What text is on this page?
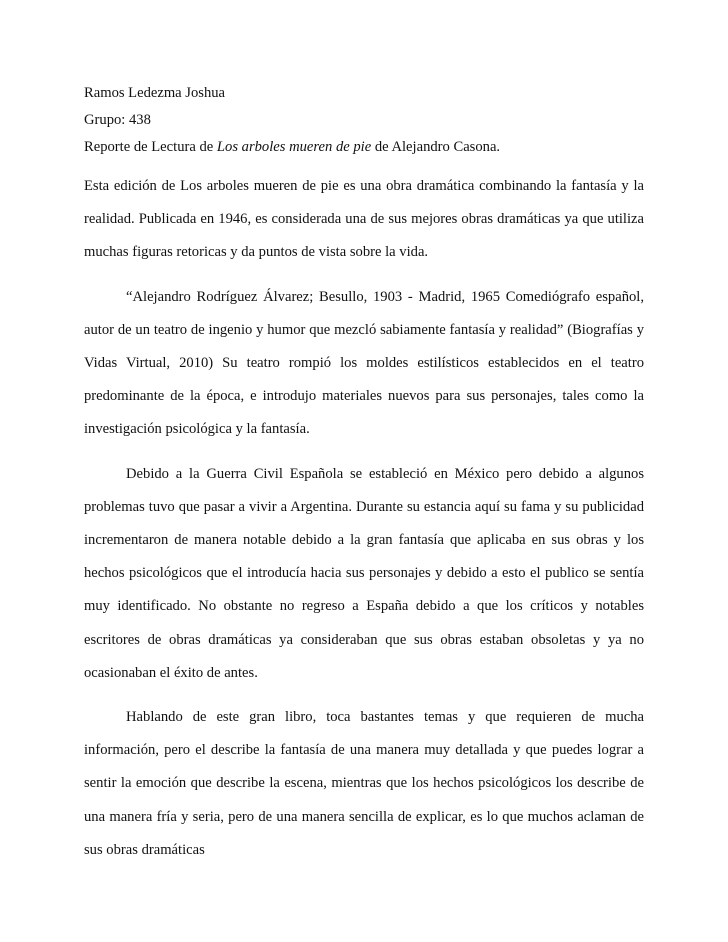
Ramos Ledezma Joshua

Grupo: 438

Reporte de Lectura de Los arboles mueren de pie de Alejandro Casona.

Esta edición de Los arboles mueren de pie es una obra dramática combinando la fantasía y la realidad. Publicada en 1946, es considerada una de sus mejores obras dramáticas ya que utiliza muchas figuras retoricas y da puntos de vista sobre la vida.

“Alejandro Rodríguez Álvarez; Besullo, 1903 - Madrid, 1965 Comediógrafo español, autor de un teatro de ingenio y humor que mezcló sabiamente fantasía y realidad” (Biografías y Vidas Virtual, 2010) Su teatro rompió los moldes estilísticos establecidos en el teatro predominante de la época, e introdujo materiales nuevos para sus personajes, tales como la investigación psicológica y la fantasía.

Debido a la Guerra Civil Española se estableció en México pero debido a algunos problemas tuvo que pasar a vivir a Argentina. Durante su estancia aquí su fama y su publicidad incrementaron de manera notable debido a la gran fantasía que aplicaba en sus obras y los hechos psicológicos que el introducía hacia sus personajes y debido a esto el publico se sentía muy identificado. No obstante no regreso a España debido a que los críticos y notables escritores de obras dramáticas ya consideraban que sus obras estaban obsoletas y ya no ocasionaban el éxito de antes.

Hablando de este gran libro, toca bastantes temas y que requieren de mucha información, pero el describe la fantasía de una manera muy detallada y que puedes lograr a sentir la emoción que describe la escena, mientras que los hechos psicológicos los describe de una manera fría y seria, pero de una manera sencilla de explicar, es lo que muchos aclaman de sus obras dramáticas
